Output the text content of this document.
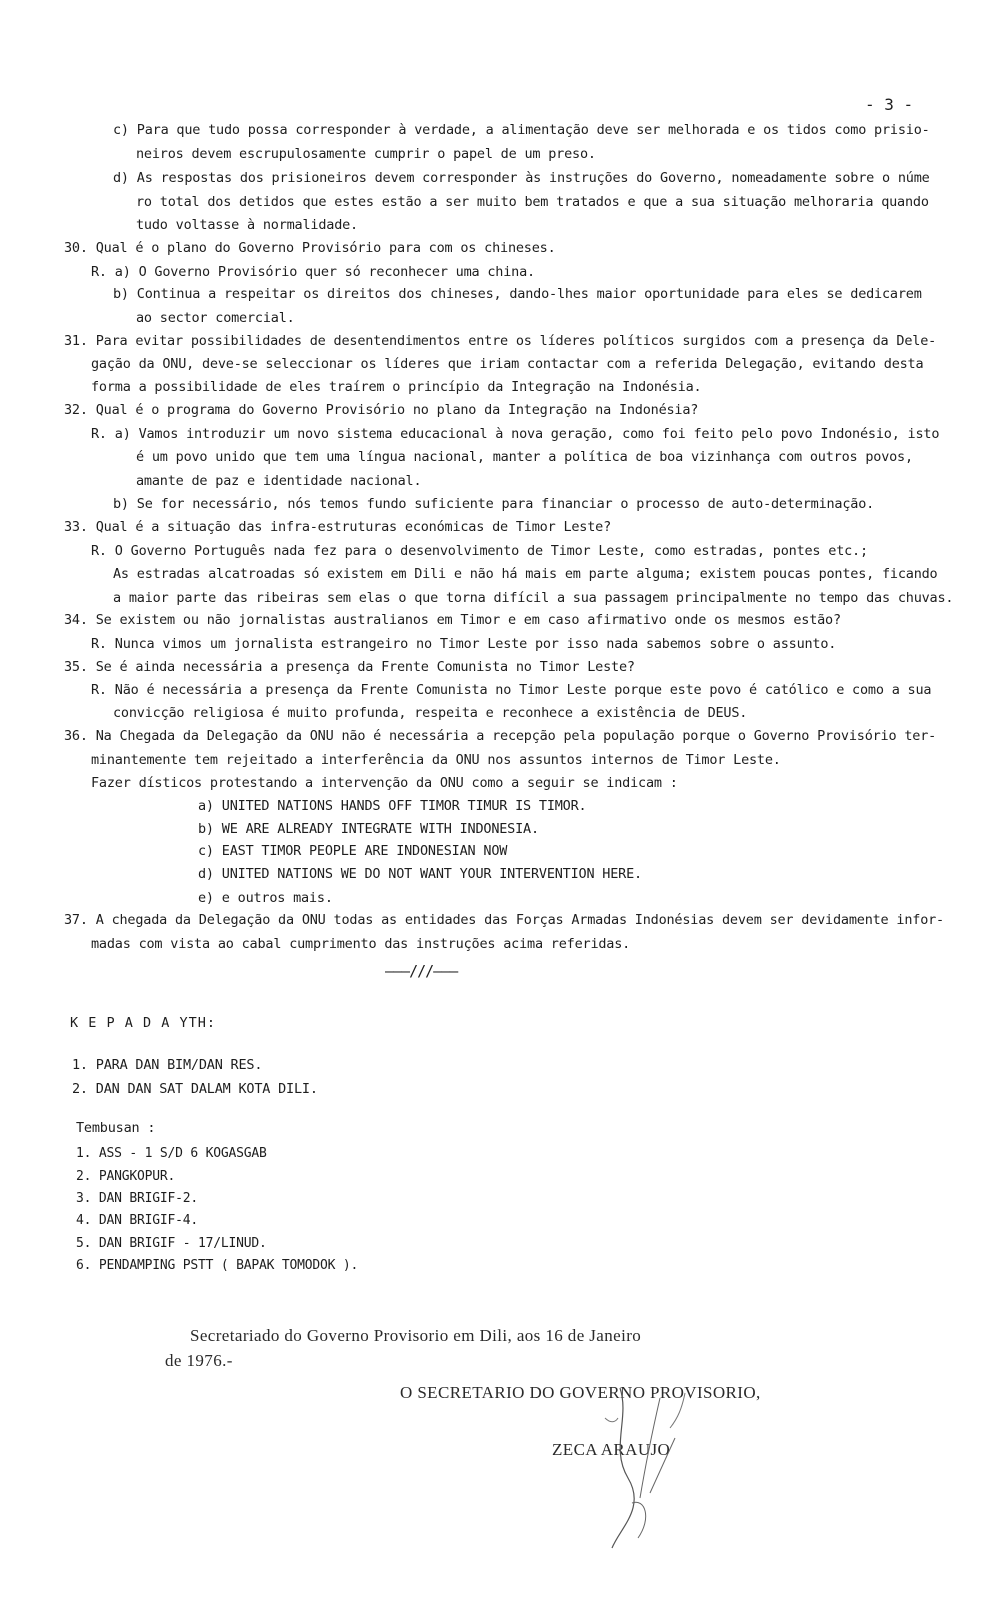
- 3 -
c) Para que tudo possa corresponder à verdade, a alimentação deve ser melhorada e os tidos como prisio-
neiros devem escrupulosamente cumprir o papel de um preso.
d) As respostas dos prisioneiros devem corresponder às instruções do Governo, nomeadamente sobre o núme
ro total dos detidos que estes estão a ser muito bem tratados e que a sua situação melhoraria quando
tudo voltasse à normalidade.
30. Qual é o plano do Governo Provisório para com os chineses.
R. a) O Governo Provisório quer só reconhecer uma china.
b) Continua a respeitar os direitos dos chineses, dando-lhes maior oportunidade para eles se dedicarem
ao sector comercial.
31. Para evitar possibilidades de desentendimentos entre os líderes políticos surgidos com a presença da Dele-
gação da ONU, deve-se seleccionar os líderes que iriam contactar com a referida Delegação, evitando desta
forma a possibilidade de eles traírem o princípio da Integração na Indonésia.
32. Qual é o programa do Governo Provisório no plano da Integração na Indonésia?
R. a) Vamos introduzir um novo sistema educacional à nova geração, como foi feito pelo povo Indonésio, isto
é um povo unido que tem uma língua nacional, manter a política de boa vizinhança com outros povos,
amante de paz e identidade nacional.
b) Se for necessário, nós temos fundo suficiente para financiar o processo de auto-determinação.
33. Qual é a situação das infra-estruturas económicas de Timor Leste?
R. O Governo Português nada fez para o desenvolvimento de Timor Leste, como estradas, pontes etc.;
As estradas alcatroadas só existem em Dili e não há mais em parte alguma; existem poucas pontes, ficando
a maior parte das ribeiras sem elas o que torna difícil a sua passagem principalmente no tempo das chuvas.
34. Se existem ou não jornalistas australianos em Timor e em caso afirmativo onde os mesmos estão?
R. Nunca vimos um jornalista estrangeiro no Timor Leste por isso nada sabemos sobre o assunto.
35. Se é ainda necessária a presença da Frente Comunista no Timor Leste?
R. Não é necessária a presença da Frente Comunista no Timor Leste porque este povo é católico e como a sua
convicção religiosa é muito profunda, respeita e reconhece a existência de DEUS.
36. Na Chegada da Delegação da ONU não é necessária a recepção pela população porque o Governo Provisório ter-
minantemente tem rejeitado a interferência da ONU nos assuntos internos de Timor Leste.
Fazer dísticos protestando a intervenção da ONU como a seguir se indicam :
a) UNITED NATIONS HANDS OFF TIMOR TIMUR IS TIMOR.
b) WE ARE ALREADY INTEGRATE WITH INDONESIA.
c) EAST TIMOR PEOPLE ARE INDONESIAN NOW
d) UNITED NATIONS WE DO NOT WANT YOUR INTERVENTION HERE.
e) e outros mais.
37. A chegada da Delegação da ONU todas as entidades das Forças Armadas Indonésias devem ser devidamente infor-
madas com vista ao cabal cumprimento das instruções acima referidas.
———///———
K E P A D A YTH:
1. PARA DAN BIM/DAN RES.
2. DAN DAN SAT DALAM KOTA DILI.
Tembusan :
1. ASS - 1 S/D 6 KOGASGAB
2. PANGKOPUR.
3. DAN BRIGIF-2.
4. DAN BRIGIF-4.
5. DAN BRIGIF - 17/LINUD.
6. PENDAMPING PSTT ( BAPAK TOMODOK ).
Secretariado do Governo Provisorio em Dili, aos 16 de Janeiro
de 1976.-
O SECRETARIO DO GOVERNO PROVISORIO,
ZECA ARAUJO
